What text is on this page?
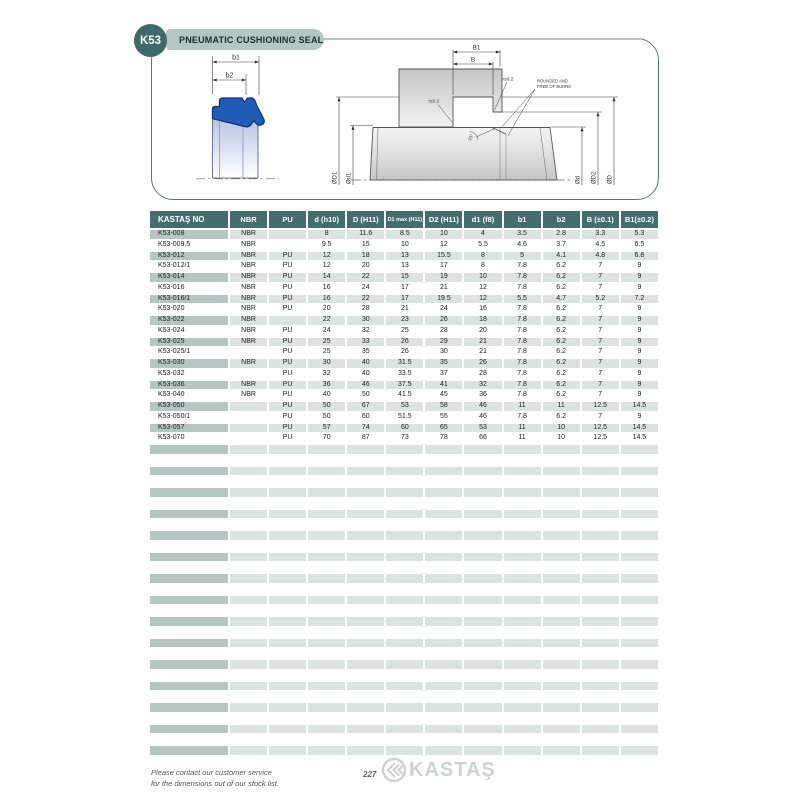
K53 PNEUMATIC CUSHIONING SEAL
b1
b2
B1
B
r≤0.2
r≤0.2	ROUNDED AND
FREE OF BURRS
15°
ØD1 Ød1	Ød ØD2 ØD
KASTAŞ NO	NBR	PU	d (h10)	D (H11)	D1 max (H11)	D2 (H11)	d1 (f8)	b1	b2	B (±0.1)	B1(±0.2)
K53-008	NBR		8	11.6	8.5	10	4	3.5	2.8	3.3	5.3
K53-009.5	NBR		9.5	15	10	12	5.5	4.6	3.7	4.5	6.5
K53-012	NBR	PU	12	18	13	15.5	8	5	4.1	4.8	6.8
K53-012/1	NBR	PU	12	20	13	17	8	7.8	6.2	7	9
K53-014	NBR	PU	14	22	15	19	10	7.8	6.2	7	9
K53-016	NBR	PU	16	24	17	21	12	7.8	6.2	7	9
K53-016/1	NBR	PU	16	22	17	19.5	12	5.5	4.7	5.2	7.2
K53-020	NBR	PU	20	28	21	24	16	7.8	6.2	7	9
K53-022	NBR		22	30	23	26	18	7.8	6.2	7	9
K53-024	NBR	PU	24	32	25	28	20	7.8	6.2	7	9
K53-025	NBR	PU	25	33	26	29	21	7.8	6.2	7	9
K53-025/1		PU	25	35	26	30	21	7.8	6.2	7	9
K53-030	NBR	PU	30	40	31.5	35	26	7.8	6.2	7	9
K53-032		PU	32	40	33.5	37	28	7.8	6.2	7	9
K53-036	NBR	PU	36	46	37.5	41	32	7.8	6.2	7	9
K53-040	NBR	PU	40	50	41.5	45	36	7.8	6.2	7	9
K53-050		PU	50	67	53	58	46	11	11	12.5	14.5
K53-050/1		PU	50	60	51.5	55	46	7.8	6.2	7	9
K53-057		PU	57	74	60	65	53	11	10	12.5	14.5
K53-070		PU	70	87	73	78	66	11	10	12.5	14.5

Please contact our customer service
for the dimensions out of our stock list.
227 KASTAŞ
